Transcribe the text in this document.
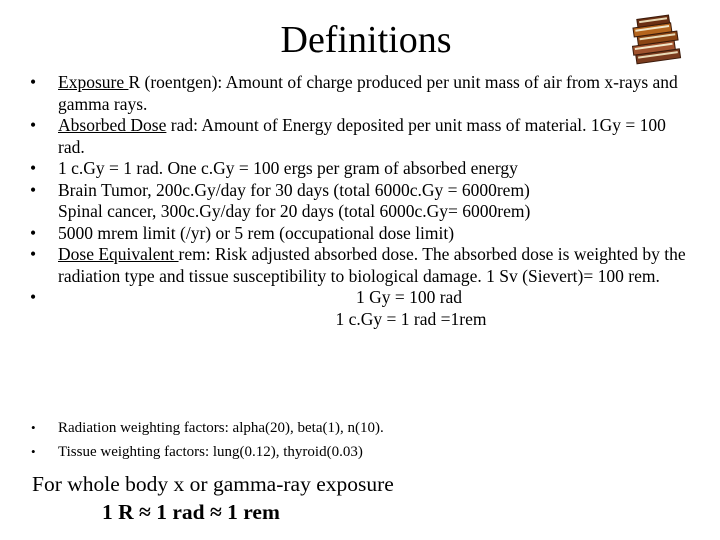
Definitions
• Exposure R (roentgen): Amount of charge produced per unit mass of air from x-rays and gamma rays.
• Absorbed Dose rad: Amount of Energy deposited per unit mass of material. 1Gy = 100 rad.
• 1 c.Gy = 1 rad. One c.Gy = 100 ergs per gram of absorbed energy
• Brain Tumor, 200c.Gy/day for 30 days (total 6000c.Gy = 6000rem)
Spinal cancer, 300c.Gy/day for 20 days (total 6000c.Gy= 6000rem)
• 5000 mrem limit (/yr) or 5 rem (occupational dose limit)
• Dose Equivalent rem: Risk adjusted absorbed dose. The absorbed dose is weighted by the radiation type and tissue susceptibility to biological damage. 1 Sv (Sievert)= 100 rem.
• 1 Gy = 100 rad
1 c.Gy = 1 rad =1rem
• Radiation weighting factors: alpha(20), beta(1), n(10).
• Tissue weighting factors: lung(0.12), thyroid(0.03)
For whole body x or gamma-ray exposure
1 R ≈ 1 rad ≈ 1 rem
